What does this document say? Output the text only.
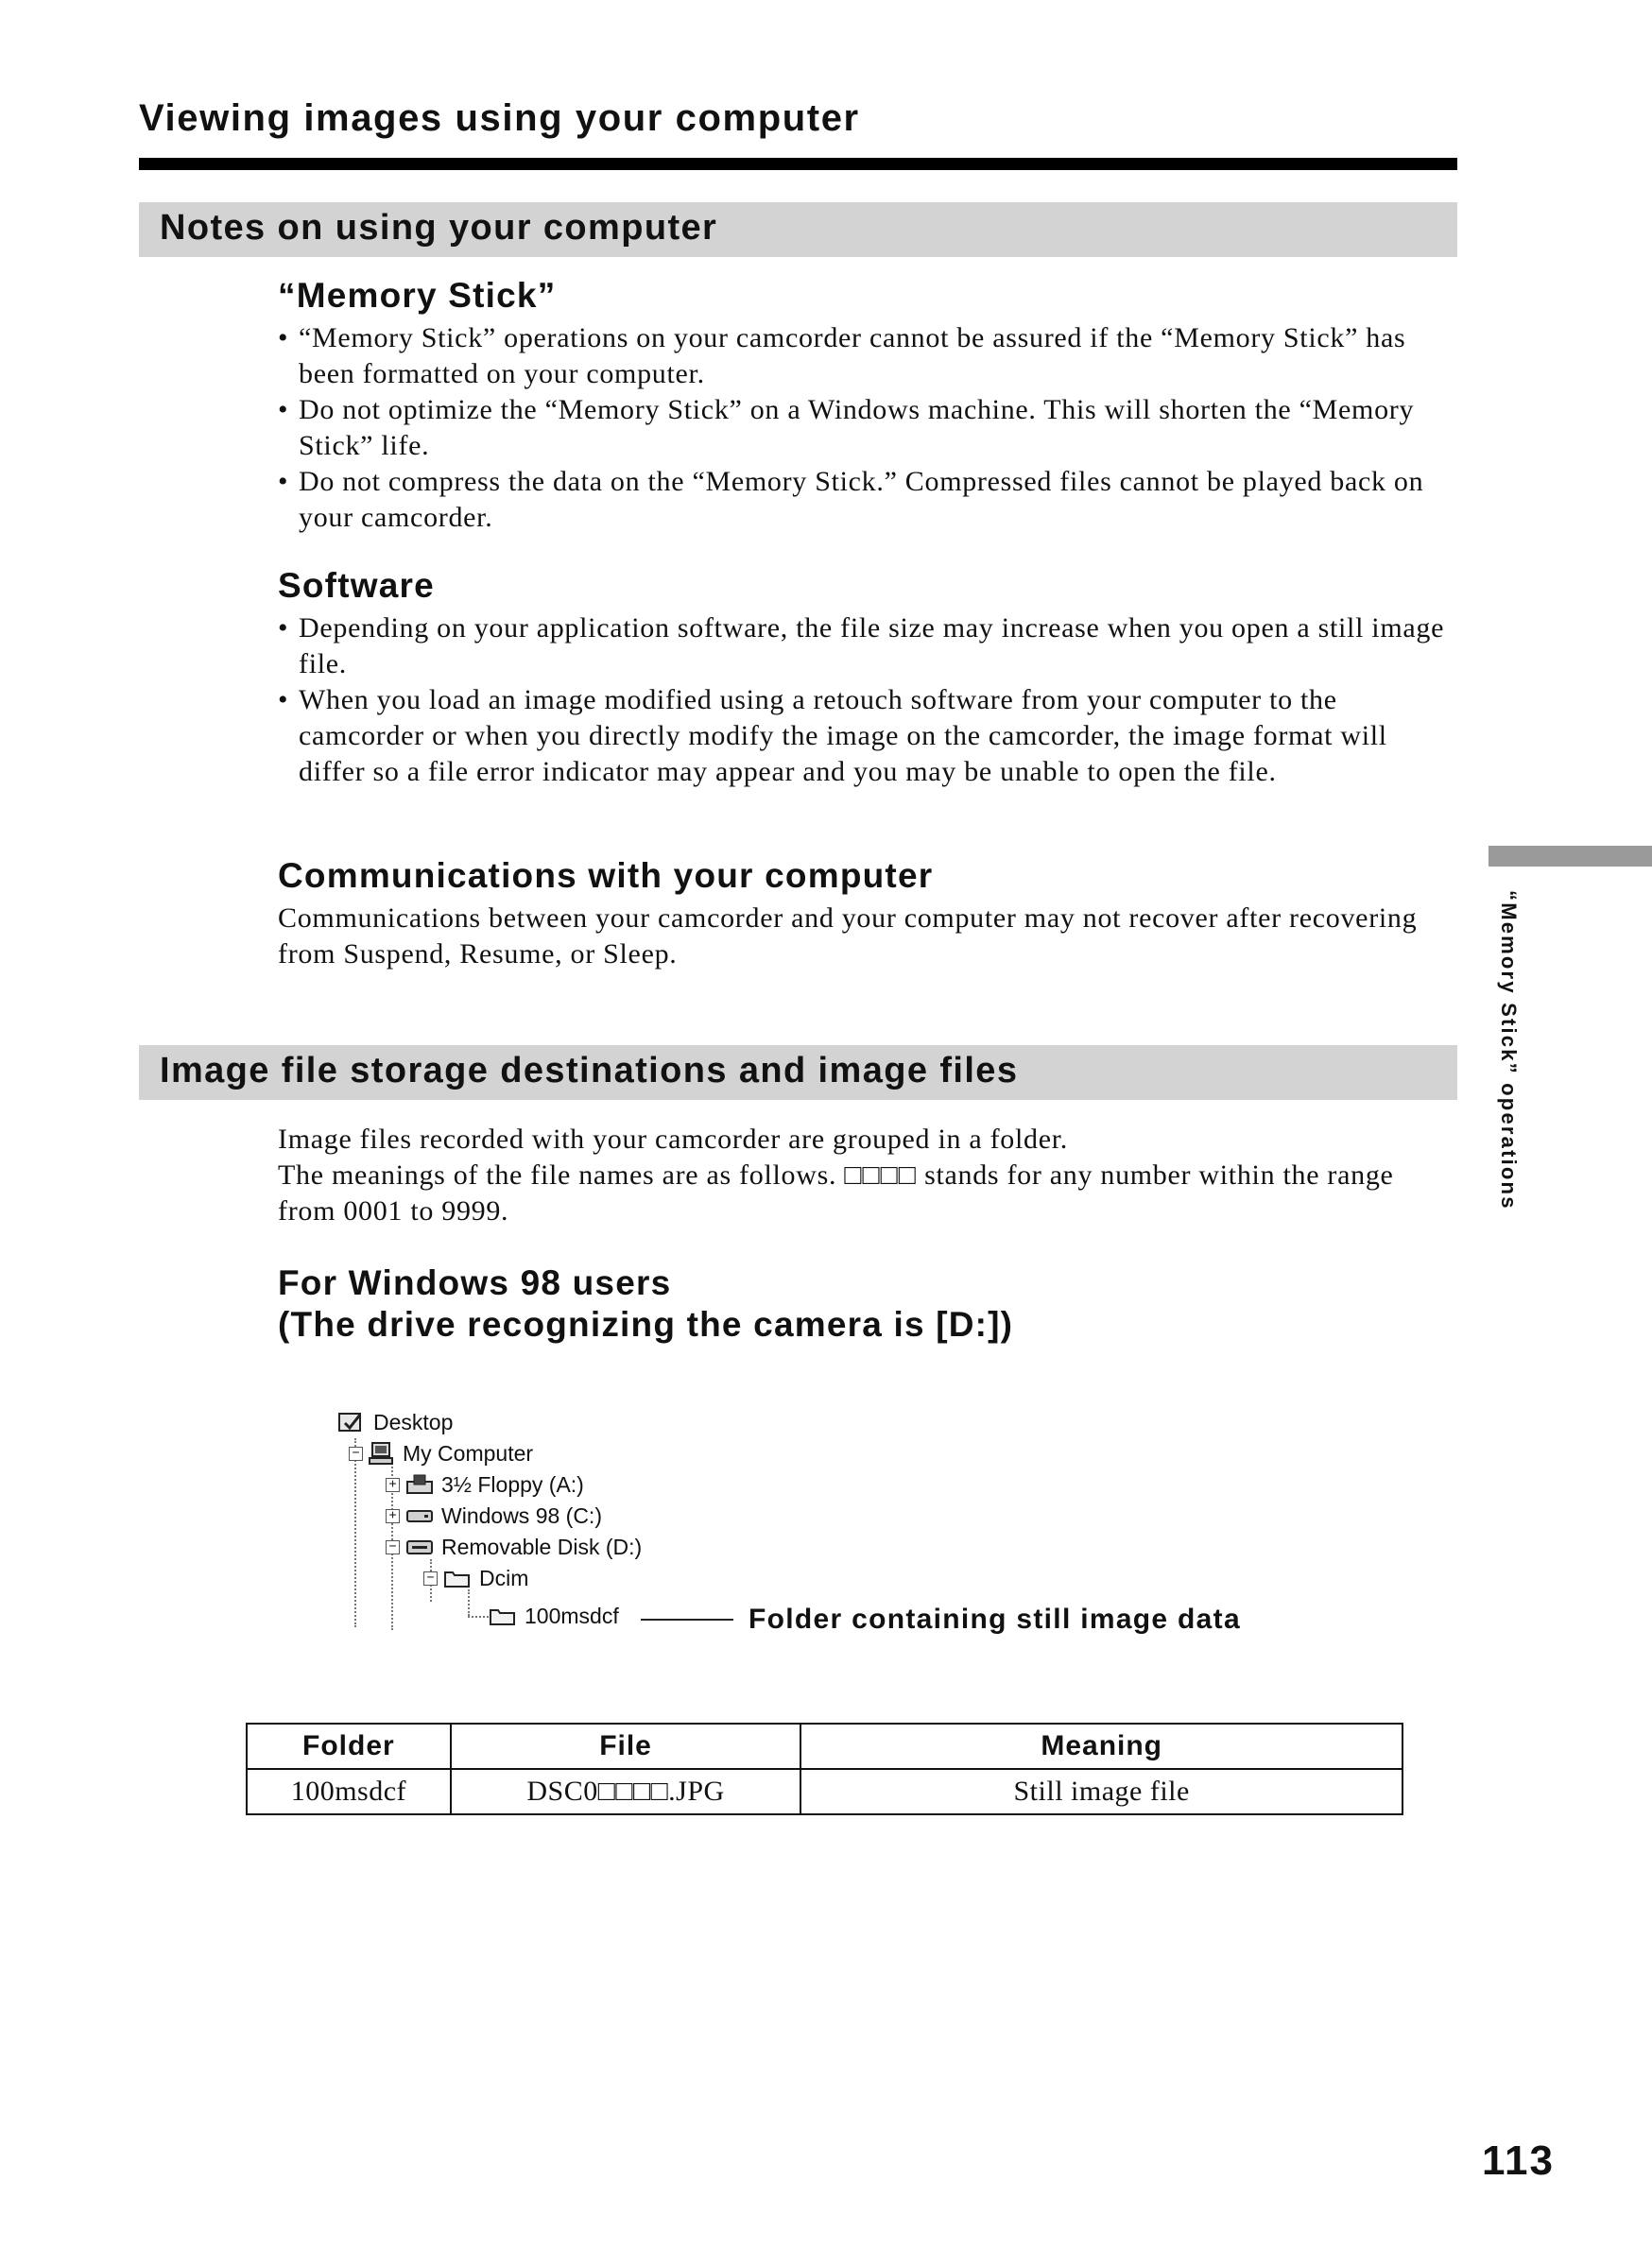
Viewing images using your computer
Notes on using your computer
“Memory Stick”
• “Memory Stick” operations on your camcorder cannot be assured if the “Memory Stick” has been formatted on your computer.
• Do not optimize the “Memory Stick” on a Windows machine. This will shorten the “Memory Stick” life.
• Do not compress the data on the “Memory Stick.” Compressed files cannot be played back on your camcorder.
Software
• Depending on your application software, the file size may increase when you open a still image file.
• When you load an image modified using a retouch software from your computer to the camcorder or when you directly modify the image on the camcorder, the image format will differ so a file error indicator may appear and you may be unable to open the file.
Communications with your computer

Communications between your camcorder and your computer may not recover after recovering from Suspend, Resume, or Sleep.

Image file storage destinations and image files

Image files recorded with your camcorder are grouped in a folder.

The meanings of the file names are as follows. □□□□ stands for any number within the range from 0001 to 9999.

For Windows 98 users
(The drive recognizing the camera is [D:])
Desktop
− My Computer
+ 3½ Floppy (A:)
+ Windows 98 (C:)
− Removable Disk (D:)
− Dcim
100msdcf	Folder containing still image data
Folder	File	Meaning
100msdcf	DSC0□□□□.JPG	Still image file
“Memory Stick” operations
113
